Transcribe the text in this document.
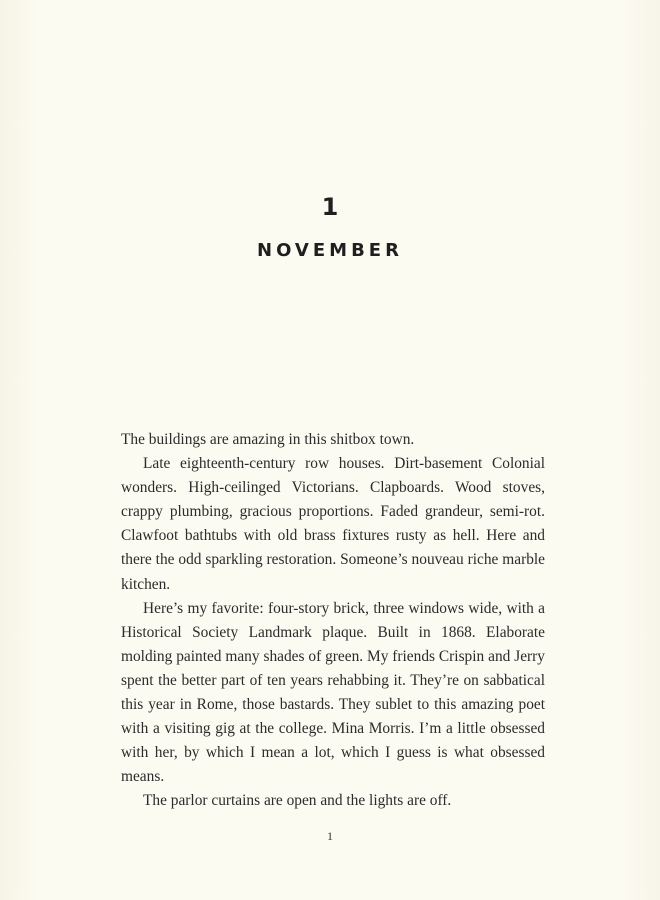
1
NOVEMBER

The buildings are amazing in this shitbox town.

Late eighteenth-century row houses. Dirt-basement Colonial wonders. High-ceilinged Victorians. Clapboards. Wood stoves, crappy plumbing, gracious proportions. Faded grandeur, semi-rot. Clawfoot bathtubs with old brass fixtures rusty as hell. Here and there the odd sparkling restoration. Someone’s nouveau riche marble kitchen.

Here’s my favorite: four-story brick, three windows wide, with a Historical Society Landmark plaque. Built in 1868. Elaborate molding painted many shades of green. My friends Crispin and Jerry spent the better part of ten years rehabbing it. They’re on sabbatical this year in Rome, those bastards. They sublet to this amazing poet with a visiting gig at the college. Mina Morris. I’m a little obsessed with her, by which I mean a lot, which I guess is what obsessed means.

The parlor curtains are open and the lights are off.

1
